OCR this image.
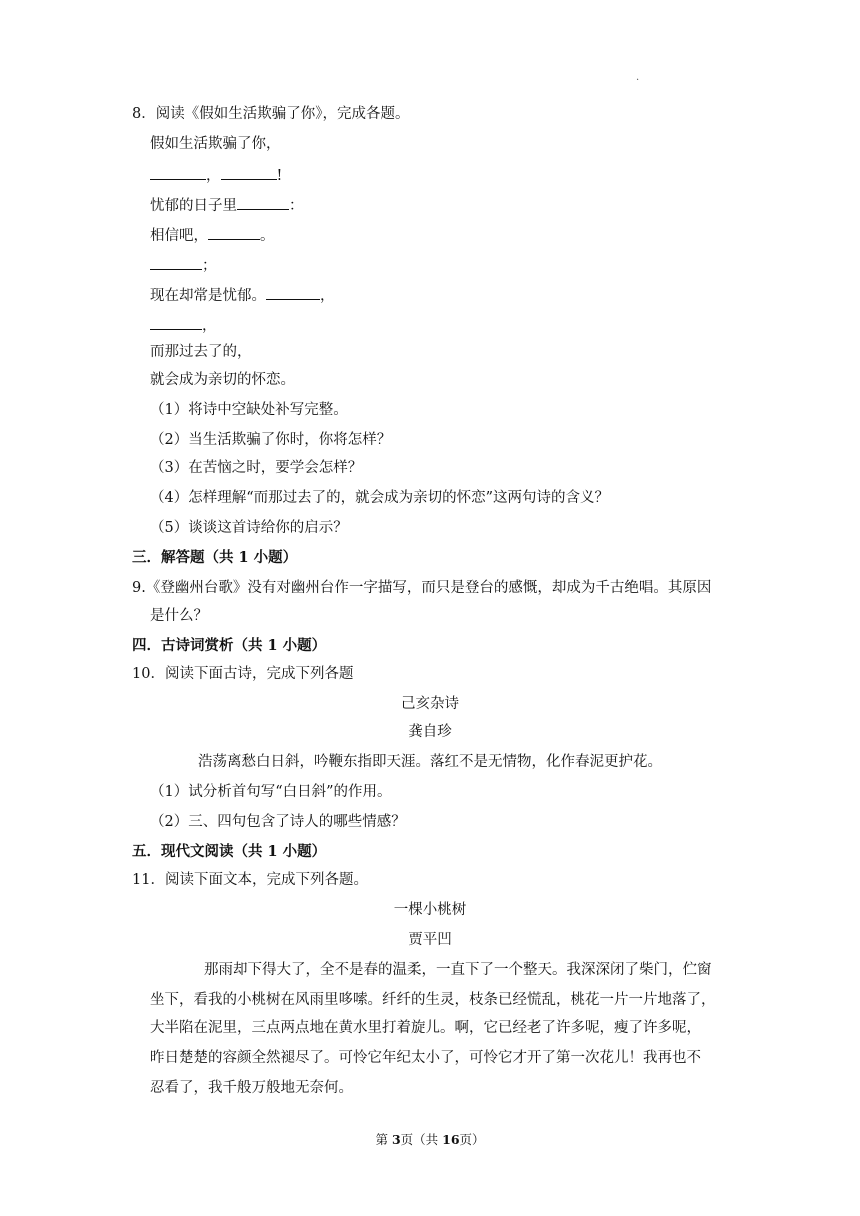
.
8．阅读《假如生活欺骗了你》，完成各题。
假如生活欺骗了你，
，	!
忧郁的日子里	：
相信吧，	。
；
现在却常是忧郁。	，
，
而那过去了的，
就会成为亲切的怀恋。
（1）将诗中空缺处补写完整。
（2）当生活欺骗了你时，你将怎样？
（3）在苦恼之时，要学会怎样？
（4）怎样理解“而那过去了的，就会成为亲切的怀恋”这两句诗的含义？
（5）谈谈这首诗给你的启示？
三．解答题（共 1 小题）
9.《登幽州台歌》没有对幽州台作一字描写，而只是登台的感慨，却成为千古绝唱。其原因
是什么？
四．古诗词赏析（共 1 小题）
10．阅读下面古诗，完成下列各题
己亥杂诗
龚自珍
浩荡离愁白日斜，吟鞭东指即天涯。落红不是无情物，化作春泥更护花。
（1）试分析首句写“白日斜”的作用。
（2）三、四句包含了诗人的哪些情感？
五．现代文阅读（共 1 小题）
11．阅读下面文本，完成下列各题。
一棵小桃树
贾平凹
那雨却下得大了，全不是春的温柔，一直下了一个整天。我深深闭了柴门，伫窗
坐下，看我的小桃树在风雨里哆嗦。纤纤的生灵，枝条已经慌乱，桃花一片一片地落了，
大半陷在泥里，三点两点地在黄水里打着旋儿。啊，它已经老了许多呢，瘦了许多呢，
昨日楚楚的容颜全然褪尽了。可怜它年纪太小了，可怜它才开了第一次花儿！我再也不
忍看了，我千般万般地无奈何。
第 3页（共 16页）
